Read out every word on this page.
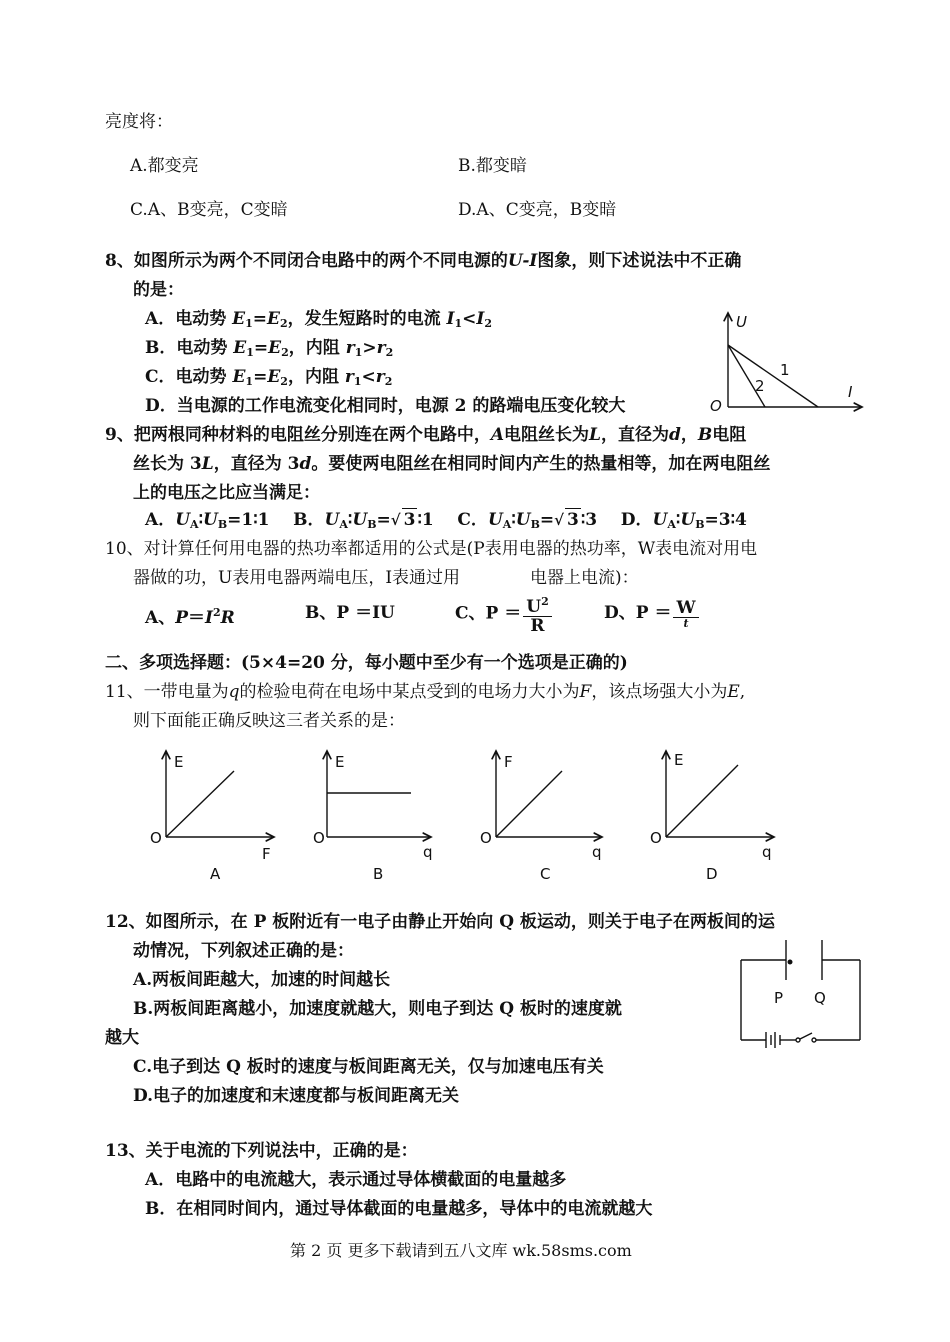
亮度将：
A.都变亮	B.都变暗
C.A、B变亮，C变暗	D.A、C变亮，B变暗
8、如图所示为两个不同闭合电路中的两个不同电源的U-I图象，则下述说法中不正确
的是：
A．电动势 $E_1=E_2$，发生短路时的电流 $I_1<I_2$
B．电动势 $E_1=E_2$，内阻 $r_1>r_2$
C．电动势 $E_1=E_2$，内阻 $r_1<r_2$
D．当电源的工作电流变化相同时，电源 2 的路端电压变化较大
U
I
O
1
2
9、把两根同种材料的电阻丝分别连在两个电路中，A电阻丝长为L，直径为d，B电阻
丝长为 3L，直径为 3d。要使两电阻丝在相同时间内产生的热量相等，加在两电阻丝
上的电压之比应当满足：
A．$U_A∶U_B=1∶1$ B．$U_A∶U_B=√$ 3 ∶1 C．$U_A∶U_B=√$ 3 ∶3 D．$U_A∶U_B=3∶4$
10、对计算任何用电器的热功率都适用的公式是(P表用电器的热功率，W表电流对用电
器做的功，U表用电器两端电压，I表通过用	电器上电流)：
A、$P=I^2R$	B、P ＝IU	C、$P = \frac{U^2}{R}$	D、$P = \frac{W}{t}$
二、多项选择题：(5×4=20 分，每小题中至少有一个选项是正确的)
11、一带电量为q的检验电荷在电场中某点受到的电场力大小为F，该点场强大小为E,
则下面能正确反映这三者关系的是：
E
O
F
A
E
O
q
B
F
O
q
C
E
O
q
D
12、如图所示，在 P 板附近有一电子由静止开始向 Q 板运动，则关于电子在两板间的运
动情况，下列叙述正确的是：
A.两板间距越大，加速的时间越长
B.两板间距离越小，加速度就越大，则电子到达 Q 板时的速度就
越大
C.电子到达 Q 板时的速度与板间距离无关，仅与加速电压有关
D.电子的加速度和末速度都与板间距离无关
P Q
13、关于电流的下列说法中，正确的是：
A．电路中的电流越大，表示通过导体横截面的电量越多
B．在相同时间内，通过导体截面的电量越多，导体中的电流就越大
第 2 页 更多下载请到五八文库 wk.58sms.com
